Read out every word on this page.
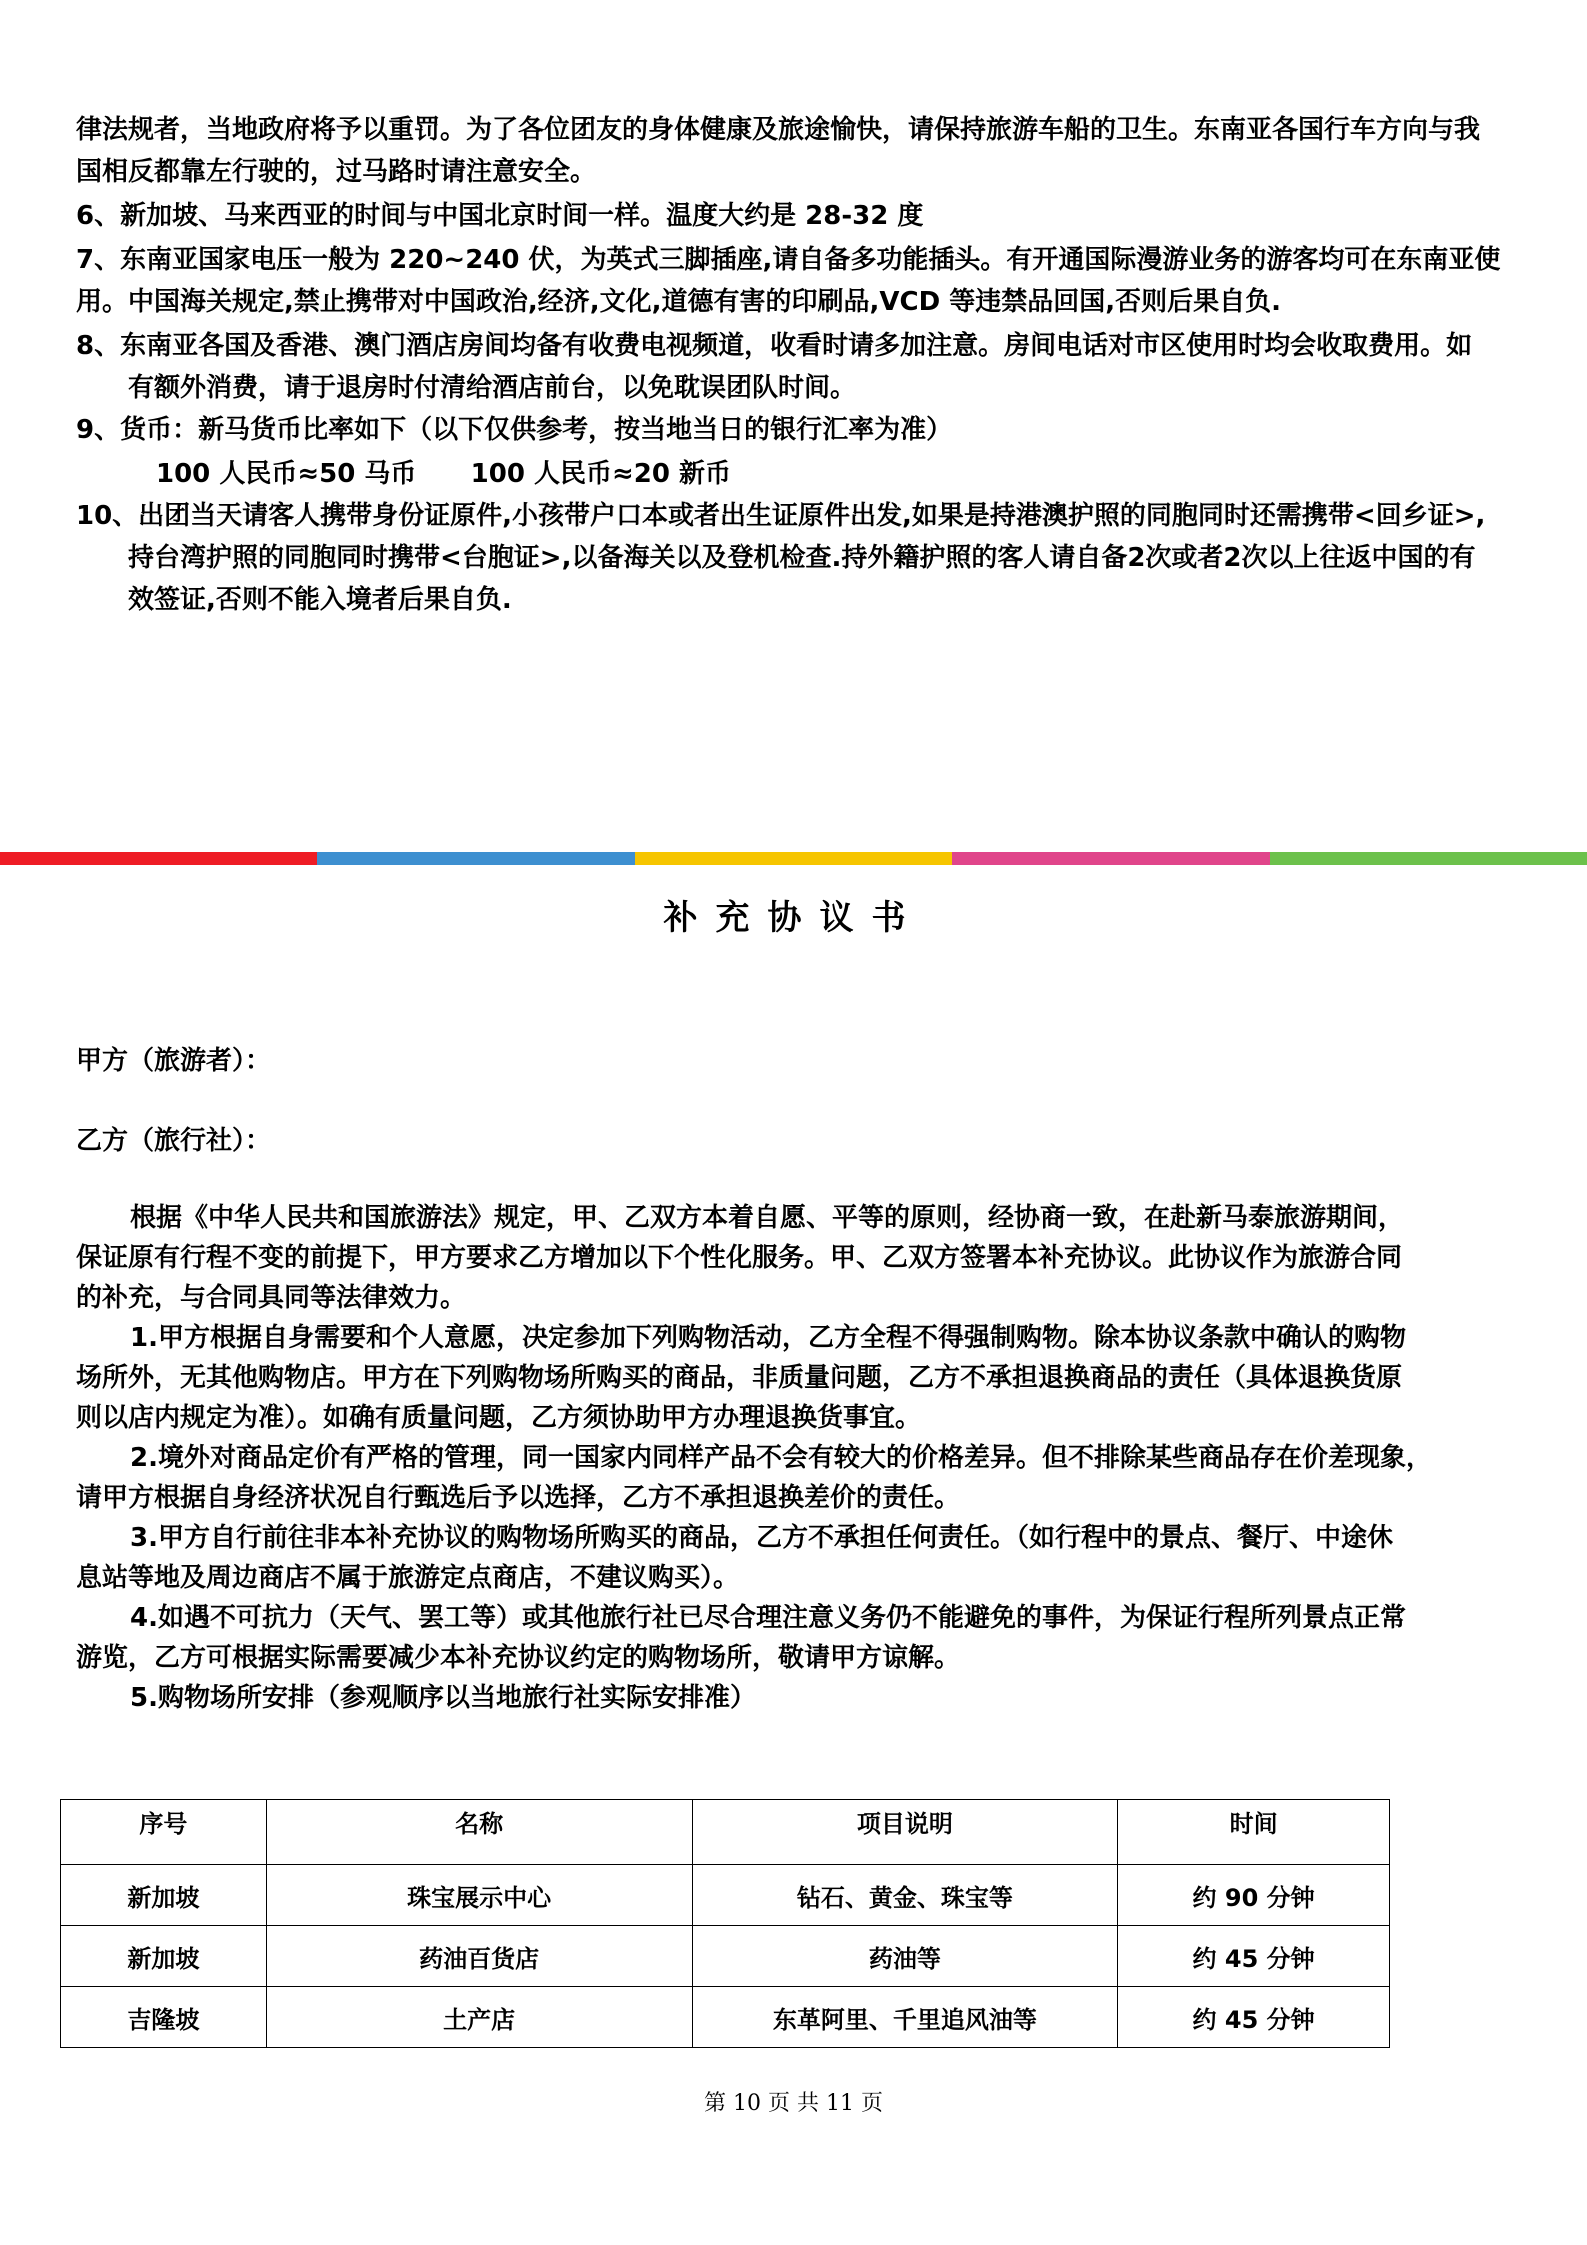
律法规者，当地政府将予以重罚。为了各位团友的身体健康及旅途愉快，请保持旅游车船的卫生。东南亚各国行车方向与我
国相反都靠左行驶的，过马路时请注意安全。
6、新加坡、马来西亚的时间与中国北京时间一样。温度大约是 28-32 度
7、东南亚国家电压一般为 220~240 伏，为英式三脚插座,请自备多功能插头。有开通国际漫游业务的游客均可在东南亚使
用。中国海关规定,禁止携带对中国政治,经济,文化,道德有害的印刷品,VCD 等违禁品回国,否则后果自负.
8、东南亚各国及香港、澳门酒店房间均备有收费电视频道，收看时请多加注意。房间电话对市区使用时均会收取费用。如
有额外消费，请于退房时付清给酒店前台，以免耽误团队时间。
9、货币：新马货币比率如下（以下仅供参考，按当地当日的银行汇率为准）
100 人民币≈50 马币      100 人民币≈20 新币
10、出团当天请客人携带身份证原件,小孩带户口本或者出生证原件出发,如果是持港澳护照的同胞同时还需携带<回乡证>,
持台湾护照的同胞同时携带<台胞证>,以备海关以及登机检查.持外籍护照的客人请自备2次或者2次以上往返中国的有
效签证,否则不能入境者后果自负.
补充协议书
甲方（旅游者）：
乙方（旅行社）：
根据《中华人民共和国旅游法》规定，甲、乙双方本着自愿、平等的原则，经协商一致，在赴新马泰旅游期间，
保证原有行程不变的前提下，甲方要求乙方增加以下个性化服务。甲、乙双方签署本补充协议。此协议作为旅游合同
的补充，与合同具同等法律效力。
1.甲方根据自身需要和个人意愿，决定参加下列购物活动，乙方全程不得强制购物。除本协议条款中确认的购物
场所外，无其他购物店。甲方在下列购物场所购买的商品，非质量问题，乙方不承担退换商品的责任（具体退换货原
则以店内规定为准）。如确有质量问题，乙方须协助甲方办理退换货事宜。
2.境外对商品定价有严格的管理，同一国家内同样产品不会有较大的价格差异。但不排除某些商品存在价差现象，
请甲方根据自身经济状况自行甄选后予以选择，乙方不承担退换差价的责任。
3.甲方自行前往非本补充协议的购物场所购买的商品，乙方不承担任何责任。（如行程中的景点、餐厅、中途休
息站等地及周边商店不属于旅游定点商店，不建议购买）。
4.如遇不可抗力（天气、罢工等）或其他旅行社已尽合理注意义务仍不能避免的事件，为保证行程所列景点正常
游览，乙方可根据实际需要减少本补充协议约定的购物场所，敬请甲方谅解。
5.购物场所安排（参观顺序以当地旅行社实际安排准）
序号	名称	项目说明	时间
新加坡	珠宝展示中心	钻石、黄金、珠宝等	约 90 分钟
新加坡	药油百货店	药油等	约 45 分钟
吉隆坡	土产店	东革阿里、千里追风油等	约 45 分钟
第 10 页 共 11 页
